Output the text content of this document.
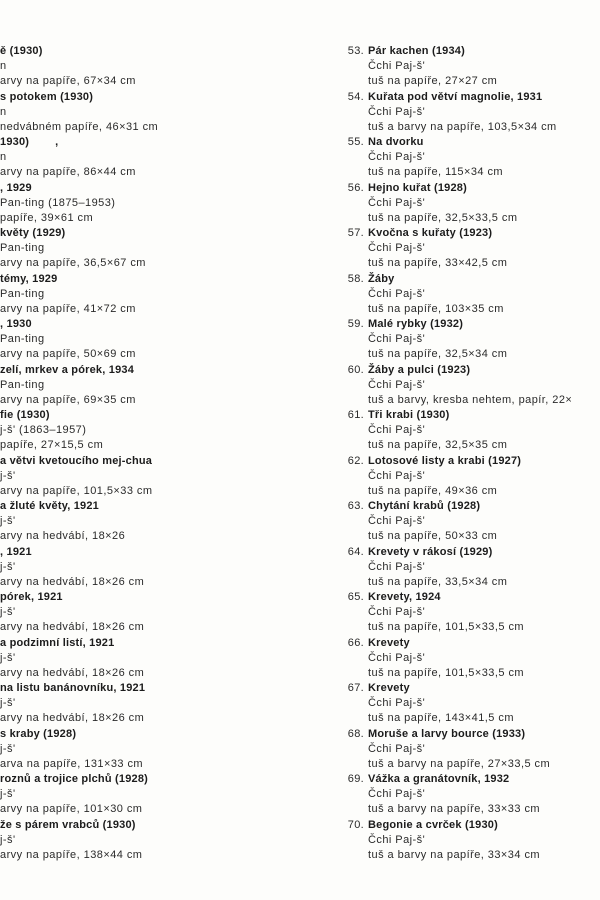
ě (1930)
n
arvy na papíře, 67×34 cm
s potokem (1930)
n
nedvábném papíře, 46×31 cm
1930)        ,
n
arvy na papíře, 86×44 cm
, 1929
Pan-ting (1875–1953)
papíře, 39×61 cm
květy (1929)
Pan-ting
arvy na papíře, 36,5×67 cm
témy, 1929
Pan-ting
arvy na papíře, 41×72 cm
, 1930
Pan-ting
arvy na papíře, 50×69 cm
zelí, mrkev a pórek, 1934
Pan-ting
arvy na papíře, 69×35 cm
fie (1930)
j-š' (1863–1957)
papíře, 27×15,5 cm
a větvi kvetoucího mej-chua
j-š'
arvy na papíře, 101,5×33 cm
a žluté květy, 1921
j-š'
arvy na hedvábí, 18×26
, 1921
j-š'
arvy na hedvábí, 18×26 cm
pórek, 1921
j-š'
arvy na hedvábí, 18×26 cm
a podzimní listí, 1921
j-š'
arvy na hedvábí, 18×26 cm
na listu banánovníku, 1921
j-š'
arvy na hedvábí, 18×26 cm
s kraby (1928)
j-š'
arva na papíře, 131×33 cm
roznů a trojice plchů (1928)
j-š'
arvy na papíře, 101×30 cm
že s párem vrabců (1930)
j-š'
arvy na papíře, 138×44 cm
53. Pár kachen (1934)
Čchi Paj-š'
tuš na papíře, 27×27 cm
54. Kuřata pod větví magnolie, 1931
Čchi Paj-š'
tuš a barvy na papíře, 103,5×34 cm
55. Na dvorku
Čchi Paj-š'
tuš na papíře, 115×34 cm
56. Hejno kuřat (1928)
Čchi Paj-š'
tuš na papíře, 32,5×33,5 cm
57. Kvočna s kuřaty (1923)
Čchi Paj-š'
tuš na papíře, 33×42,5 cm
58. Žáby
Čchi Paj-š'
tuš na papíře, 103×35 cm
59. Malé rybky (1932)
Čchi Paj-š'
tuš na papíře, 32,5×34 cm
60. Žáby a pulci (1923)
Čchi Paj-š'
tuš a barvy, kresba nehtem, papír, 22×
61. Tři krabi (1930)
Čchi Paj-š'
tuš na papíře, 32,5×35 cm
62. Lotosové listy a krabi (1927)
Čchi Paj-š'
tuš na papíře, 49×36 cm
63. Chytání krabů (1928)
Čchi Paj-š'
tuš na papíře, 50×33 cm
64. Krevety v rákosí (1929)
Čchi Paj-š'
tuš na papíře, 33,5×34 cm
65. Krevety, 1924
Čchi Paj-š'
tuš na papíře, 101,5×33,5 cm
66. Krevety
Čchi Paj-š'
tuš na papíře, 101,5×33,5 cm
67. Krevety
Čchi Paj-š'
tuš na papíře, 143×41,5 cm
68. Moruše a larvy bource (1933)
Čchi Paj-š'
tuš a barvy na papíře, 27×33,5 cm
69. Vážka a granátovník, 1932
Čchi Paj-š'
tuš a barvy na papíře, 33×33 cm
70. Begonie a cvrček (1930)
Čchi Paj-š'
tuš a barvy na papíře, 33×34 cm
